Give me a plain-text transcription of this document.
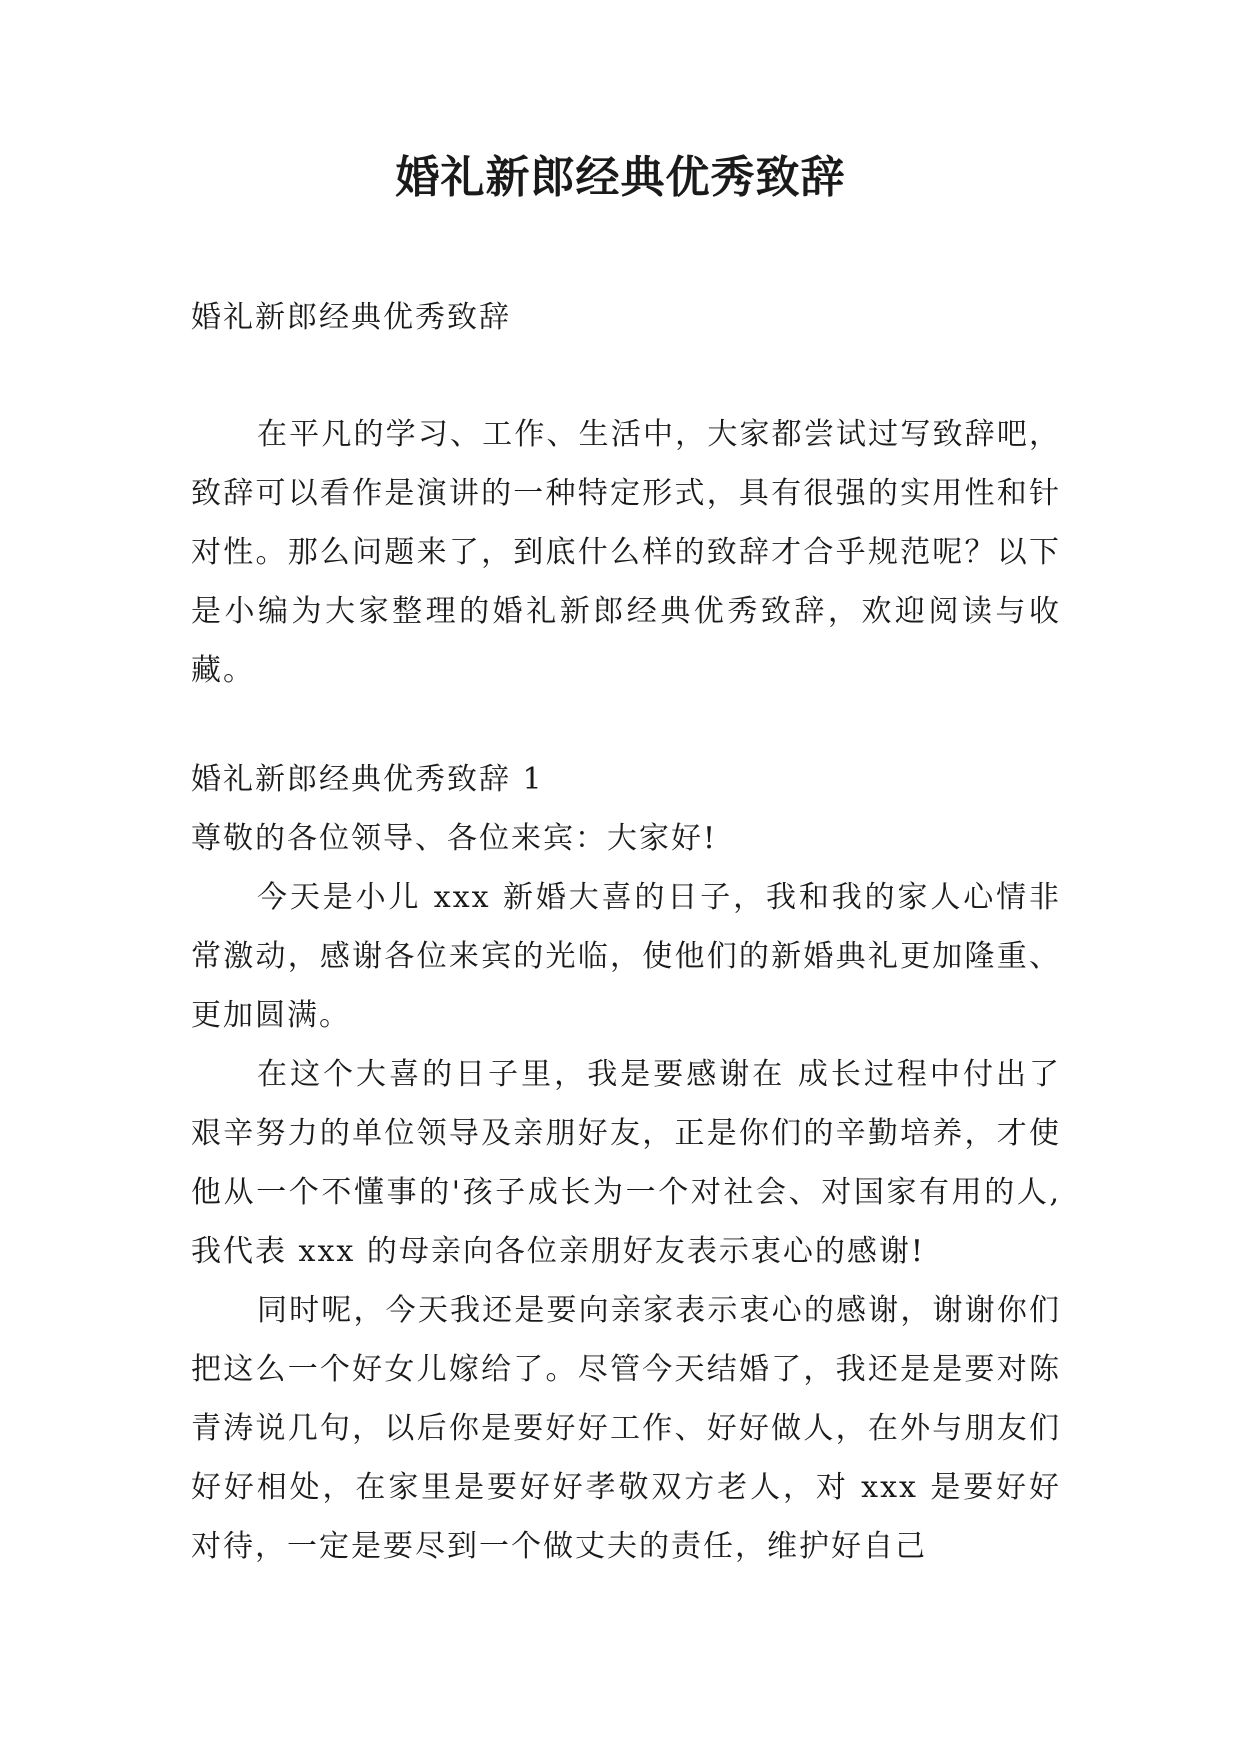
婚礼新郎经典优秀致辞

婚礼新郎经典优秀致辞

在平凡的学习、工作、生活中，大家都尝试过写致辞吧，致辞可以看作是演讲的一种特定形式，具有很强的实用性和针对性。那么问题来了，到底什么样的致辞才合乎规范呢？以下是小编为大家整理的婚礼新郎经典优秀致辞，欢迎阅读与收藏。

婚礼新郎经典优秀致辞 1

尊敬的各位领导、各位来宾：大家好!

今天是小儿 xxx 新婚大喜的日子，我和我的家人心情非常激动，感谢各位来宾的光临，使他们的新婚典礼更加隆重、更加圆满。

在这个大喜的日子里，我是要感谢在 成长过程中付出了艰辛努力的单位领导及亲朋好友，正是你们的辛勤培养，才使他从一个不懂事的'孩子成长为一个对社会、对国家有用的人,我代表 xxx 的母亲向各位亲朋好友表示衷心的感谢!

同时呢，今天我还是要向亲家表示衷心的感谢，谢谢你们把这么一个好女儿嫁给了。尽管今天结婚了，我还是是要对陈青涛说几句，以后你是要好好工作、好好做人，在外与朋友们好好相处，在家里是要好好孝敬双方老人，对 xxx 是要好好对待，一定是要尽到一个做丈夫的责任，维护好自己
